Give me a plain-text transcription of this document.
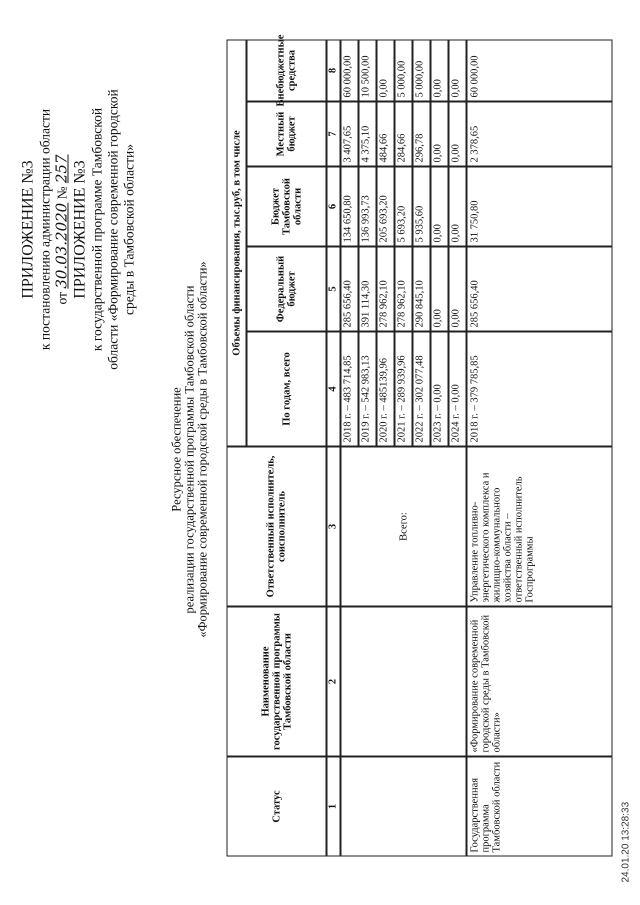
ПРИЛОЖЕНИЕ №3 к постановлению администрации области от 30.03.2020 № 257 ПРИЛОЖЕНИЕ №3 к государственной программе Тамбовской области «Формирование современной городской среды в Тамбовской области»
Ресурсное обеспечение реализации государственной программы Тамбовской области «Формирование современной городской среды в Тамбовской области»
Статус
Наименование государственной программы Тамбовской области
Ответственный исполнитель, соисполнитель
Объемы финансирования, тыс.руб, в том числе
По годам, всего
Федеральный бюджет
Бюджет Тамбовской области
Местный бюджет
Внебюджетные средства
1
2
3
4
5
6
7
8
Всего:
2018 г. – 483 714,85
285 656,40
134 650,80
3 407,65
60 000,00
2019 г. – 542 983,13
391 114,30
136 993,73
4 375,10
10 500,00
2020 г. – 485139,96
278 962,10
205 693,20
484,66
0,00
2021 г. – 289 939,96
278 962,10
5 693,20
284,66
5 000,00
2022 г. – 302 077,48
290 845,10
5 935,60
296,78
5 000,00
2023 г. – 0,00
0,00
0,00
0,00
0,00
2024 г. – 0,00
0,00
0,00
0,00
0,00
Государственная программа Тамбовской области
«Формирование современной городской среды в Тамбовской области»
Управление топливно-энергетического комплекса и жилищно-коммунального хозяйства области – ответственный исполнитель Госпрограммы
2018 г. – 379 785,85
285 656,40
31 750,80
2 378,65
60 000,00
24.01.20 13:28:33
